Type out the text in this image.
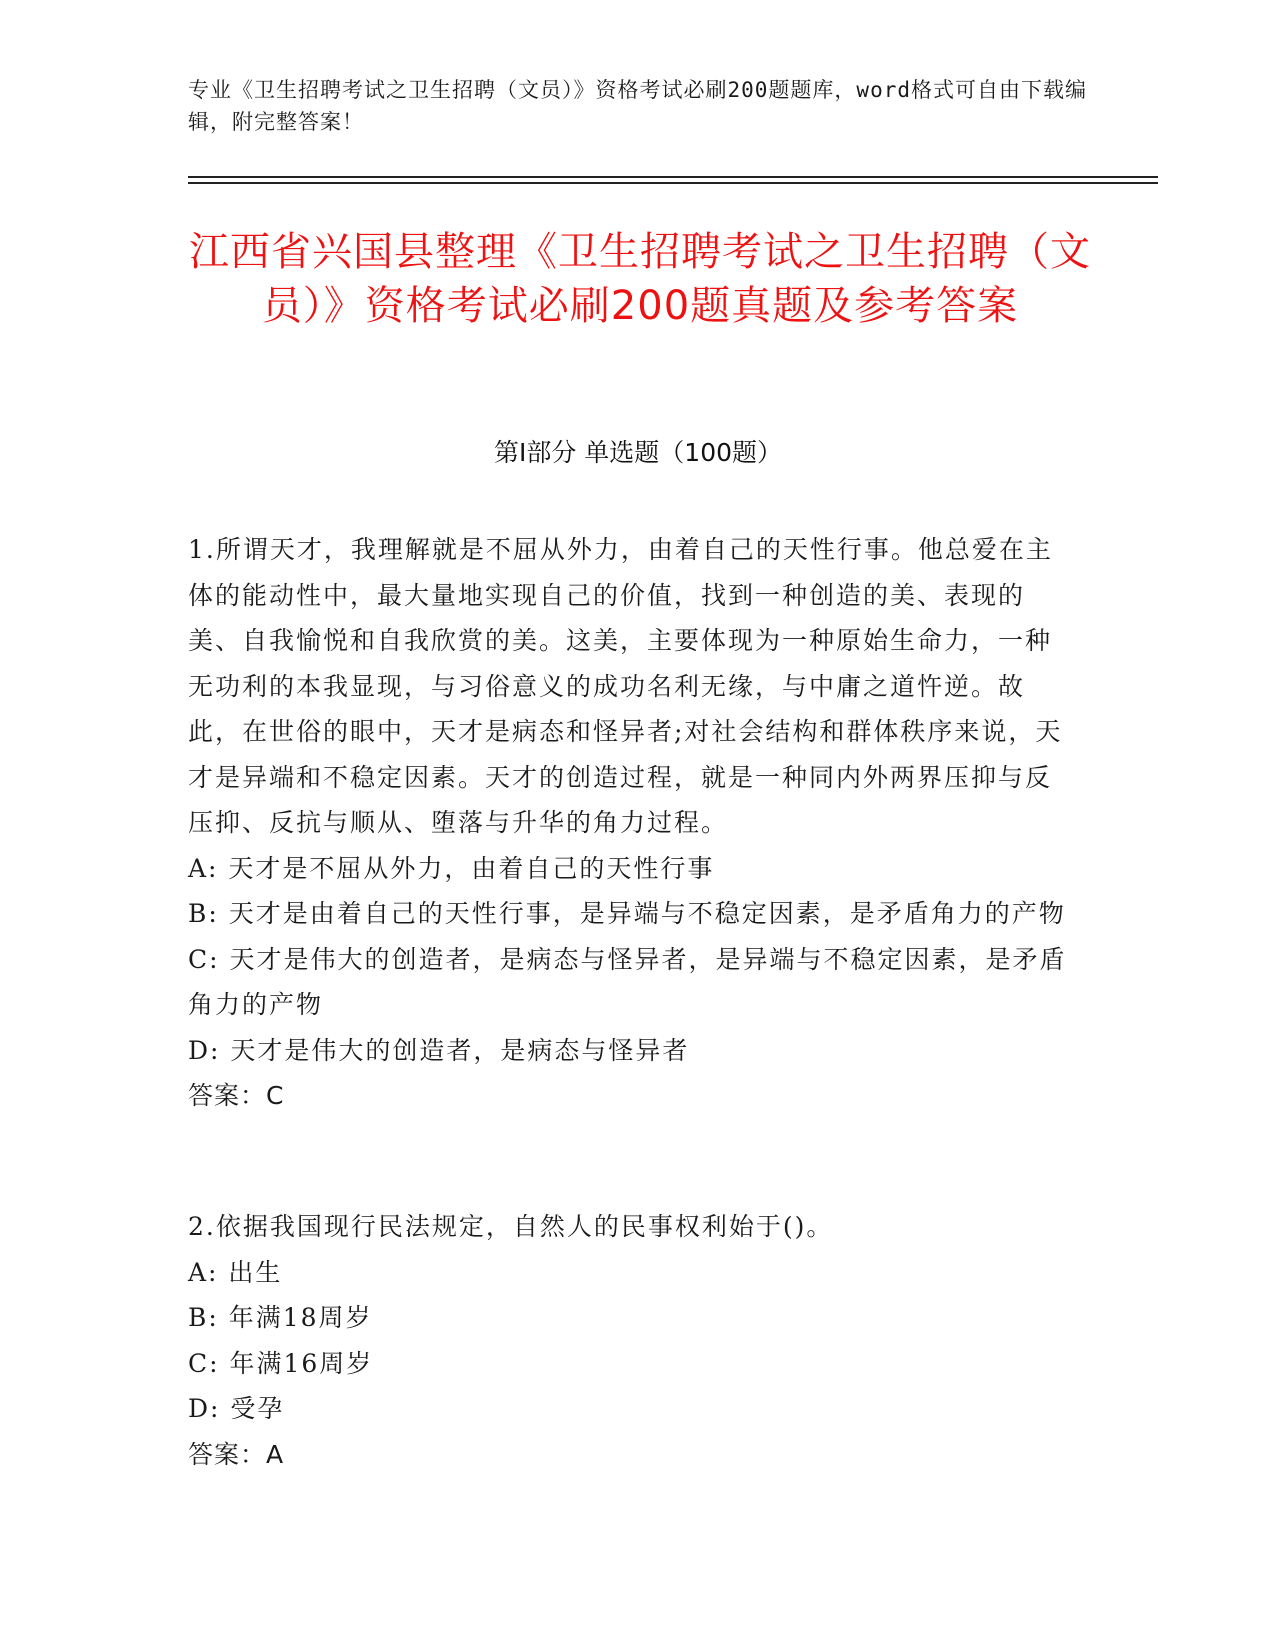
专业《卫生招聘考试之卫生招聘（文员）》资格考试必刷200题题库，word格式可自由下载编辑，附完整答案！
江西省兴国县整理《卫生招聘考试之卫生招聘（文员）》资格考试必刷200题真题及参考答案
第I部分 单选题（100题）

1.所谓天才，我理解就是不屈从外力，由着自己的天性行事。他总爱在主体的能动性中，最大量地实现自己的价值，找到一种创造的美、表现的美、自我愉悦和自我欣赏的美。这美，主要体现为一种原始生命力，一种无功利的本我显现，与习俗意义的成功名利无缘，与中庸之道忤逆。故此，在世俗的眼中，天才是病态和怪异者;对社会结构和群体秩序来说，天才是异端和不稳定因素。天才的创造过程，就是一种同内外两界压抑与反压抑、反抗与顺从、堕落与升华的角力过程。

A: 天才是不屈从外力，由着自己的天性行事

B: 天才是由着自己的天性行事，是异端与不稳定因素，是矛盾角力的产物

C: 天才是伟大的创造者，是病态与怪异者，是异端与不稳定因素，是矛盾角力的产物

D: 天才是伟大的创造者，是病态与怪异者

答案：C

2.依据我国现行民法规定，自然人的民事权利始于()。

A: 出生

B: 年满18周岁

C: 年满16周岁

D: 受孕

答案：A
